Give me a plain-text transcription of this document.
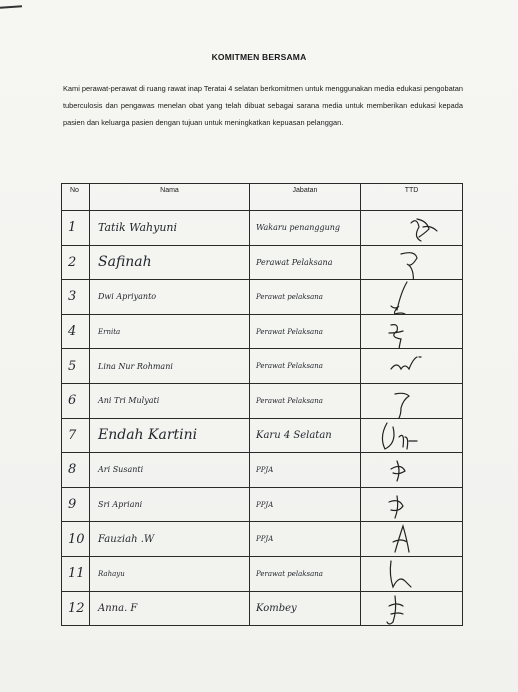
KOMITMEN BERSAMA
Kami perawat-perawat di ruang rawat inap Teratai 4 selatan berkomitmen untuk menggunakan media edukasi pengobatan tuberculosis dan pengawas menelan obat yang telah dibuat sebagai sarana media untuk memberikan edukasi kepada pasien dan keluarga pasien dengan tujuan untuk meningkatkan kepuasan pelanggan.
No	Nama	Jabatan	TTD

1	Tatik Wahyuni	Wakaru penanggung

2	Safinah	Perawat Pelaksana

3	Dwi Apriyanto	Perawat pelaksana

4	Ernita	Perawat Pelaksana

5	Lina Nur Rohmani	Perawat Pelaksana

6	Ani Tri Mulyati	Perawat Pelaksana

7	Endah Kartini	Karu 4 Selatan

8	Ari Susanti	PPJA

9	Sri Apriani	PPJA

10	Fauziah .W	PPJA

11	Rahayu	Perawat pelaksana

12	Anna. F	Kombey
